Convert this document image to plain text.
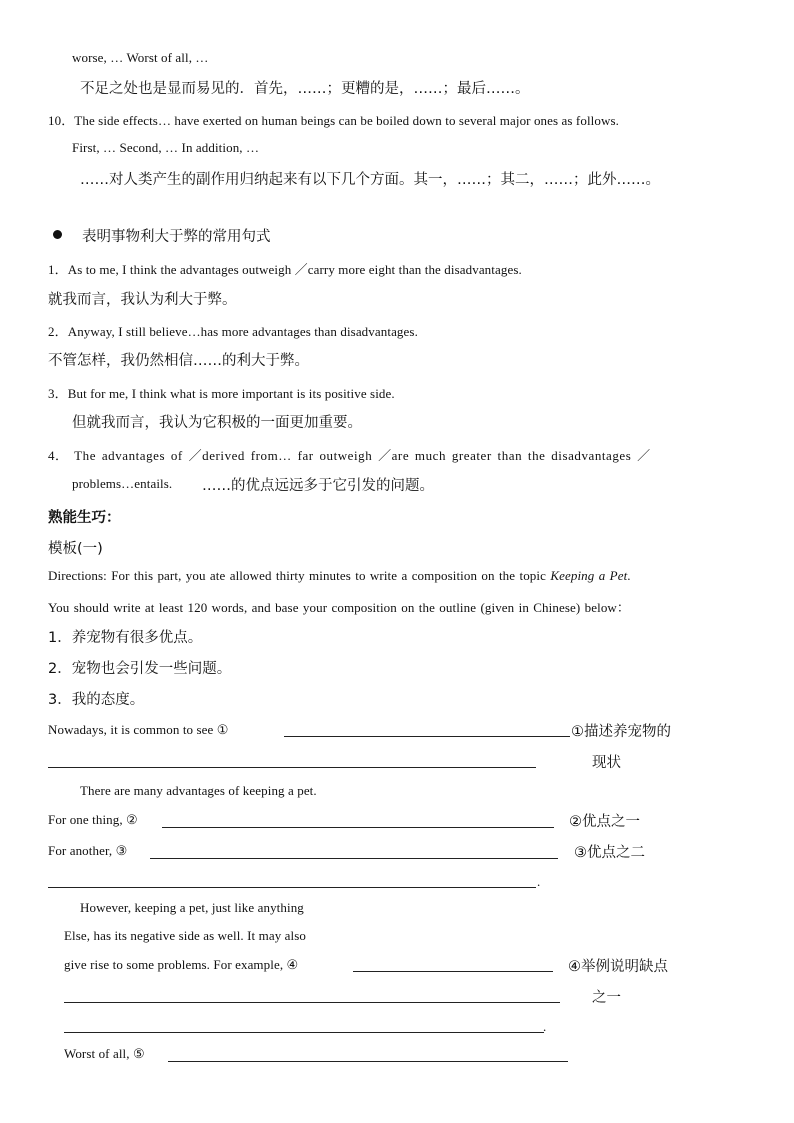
worse, … Worst of all, …
不足之处也是显而易见的．首先，……；更糟的是，……；最后……。
10．The side effects… have exerted on human beings can be boiled down to several major ones as follows.
First, … Second, … In addition, …
……对人类产生的副作用归纳起来有以下几个方面。其一，……；其二，……；此外……。
表明事物利大于弊的常用句式
1．As to me, I think the advantages outweigh ／carry more eight than the disadvantages.
就我而言，我认为利大于弊。
2．Anyway, I still believe…has more advantages than disadvantages.
不管怎样，我仍然相信……的利大于弊。
3．But for me, I think what is more important is its positive side.
但就我而言，我认为它积极的一面更加重要。
4． The advantages of ／derived from… far outweigh ／are much greater than the disadvantages ／
problems…entails. ……的优点远远多于它引发的问题。
熟能生巧：
模板(一)
Directions: For this part, you ate allowed thirty minutes to write a composition on the topic Keeping a Pet.
You should write at least 120 words, and base your composition on the outline (given in Chinese) below：
1．养宠物有很多优点。
2．宠物也会引发一些问题。
3．我的态度。
Nowadays, it is common to see ①	①描述养宠物的
现状
There are many advantages of keeping a pet.
For one thing, ②	②优点之一
For another, ③	③优点之二
.
However, keeping a pet, just like anything
Else, has its negative side as well. It may also
give rise to some problems. For example, ④	④举例说明缺点
之一
.
Worst of all, ⑤
